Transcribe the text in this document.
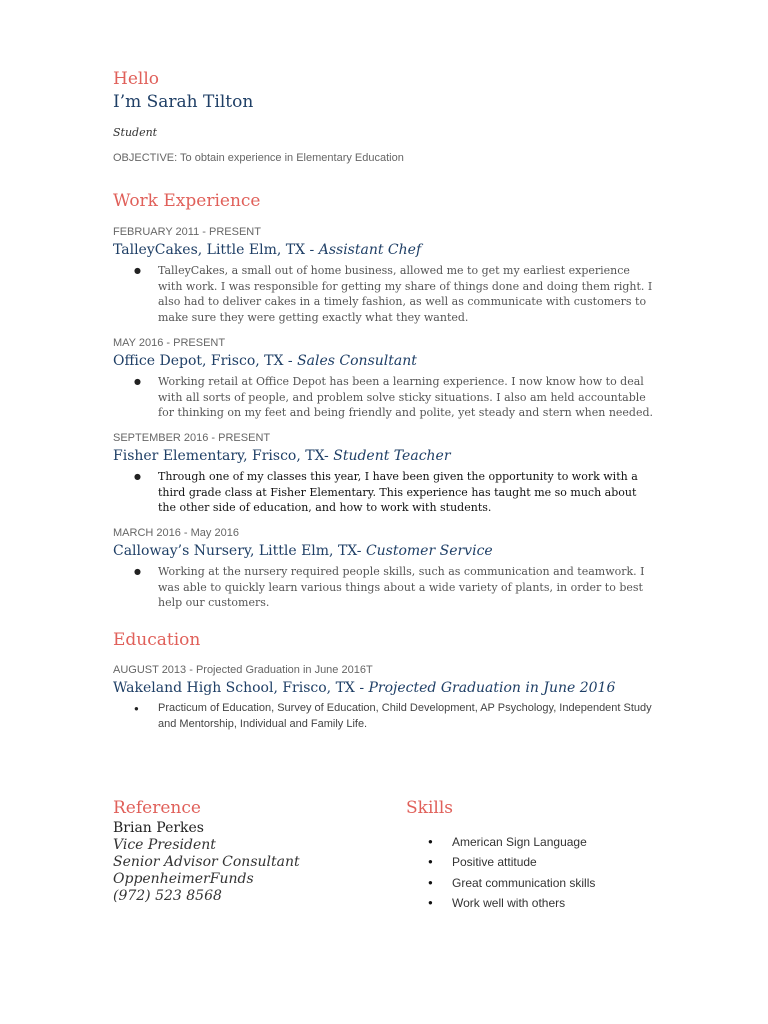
Hello
I’m Sarah Tilton
Student
OBJECTIVE: To obtain experience in Elementary Education
Work Experience
FEBRUARY 2011 - PRESENT
TalleyCakes, Little Elm, TX - Assistant Chef
● TalleyCakes, a small out of home business, allowed me to get my earliest experience with work. I was responsible for getting my share of things done and doing them right. I also had to deliver cakes in a timely fashion, as well as communicate with customers to make sure they were getting exactly what they wanted.
MAY 2016 - PRESENT
Office Depot, Frisco, TX - Sales Consultant
● Working retail at Office Depot has been a learning experience. I now know how to deal with all sorts of people, and problem solve sticky situations. I also am held accountable for thinking on my feet and being friendly and polite, yet steady and stern when needed.
SEPTEMBER 2016 - PRESENT
Fisher Elementary, Frisco, TX- Student Teacher
● Through one of my classes this year, I have been given the opportunity to work with a third grade class at Fisher Elementary. This experience has taught me so much about the other side of education, and how to work with students.
MARCH 2016 - May 2016
Calloway’s Nursery, Little Elm, TX- Customer Service
● Working at the nursery required people skills, such as communication and teamwork. I was able to quickly learn various things about a wide variety of plants, in order to best help our customers.
Education
AUGUST 2013 - Projected Graduation in June 2016T
Wakeland High School, Frisco, TX - Projected Graduation in June 2016
● Practicum of Education, Survey of Education, Child Development, AP Psychology, Independent Study and Mentorship, Individual and Family Life.
Reference
Brian Perkes
Vice President
Senior Advisor Consultant
OppenheimerFunds
(972) 523 8568
Skills
● American Sign Language
● Positive attitude
● Great communication skills
● Work well with others
